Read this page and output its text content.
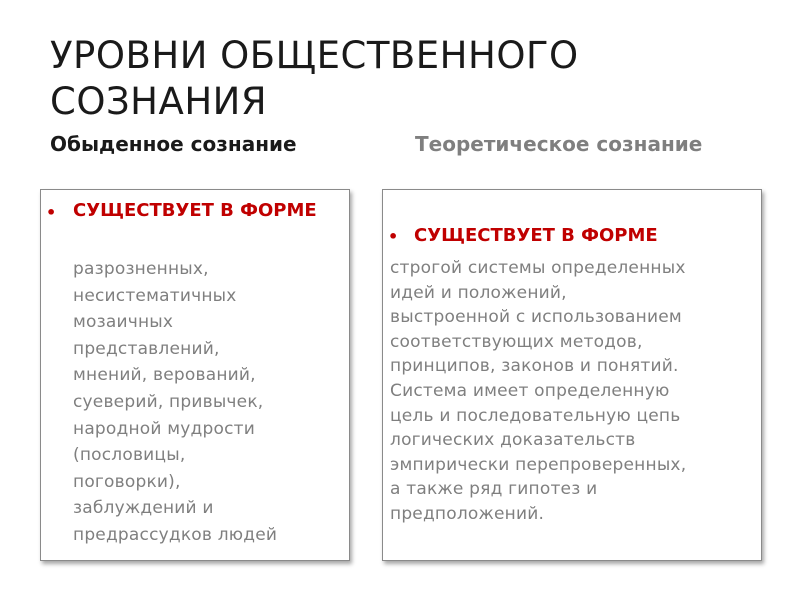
УРОВНИ ОБЩЕСТВЕННОГО
СОЗНАНИЯ
Обыденное сознание	Теоретическое сознание
• СУЩЕСТВУЕТ В ФОРМЕ

разрозненных,
несистематичных
мозаичных
представлений,
мнений, верований,
суеверий, привычек,
народной мудрости
(пословицы,
поговорки),
заблуждений и
предрассудков людей

• СУЩЕСТВУЕТ В ФОРМЕ

строгой системы определенных
идей и положений,
выстроенной с использованием
соответствующих методов,
принципов, законов и понятий.
Система имеет определенную
цель и последовательную цепь
логических доказательств
эмпирически перепроверенных,
а также ряд гипотез и
предположений.
